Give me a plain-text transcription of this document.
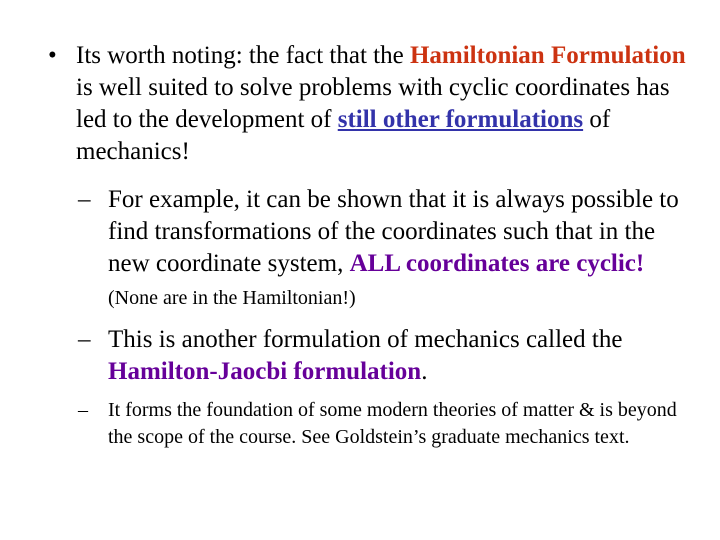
• Its worth noting: the fact that the Hamiltonian Formulation is well suited to solve problems with cyclic coordinates has led to the development of still other formulations of mechanics!
– For example, it can be shown that it is always possible to find transformations of the coordinates such that in the new coordinate system, ALL coordinates are cyclic! (None are in the Hamiltonian!)
– This is another formulation of mechanics called the Hamilton-Jaocbi formulation.
– It forms the foundation of some modern theories of matter & is beyond the scope of the course. See Goldstein’s graduate mechanics text.
